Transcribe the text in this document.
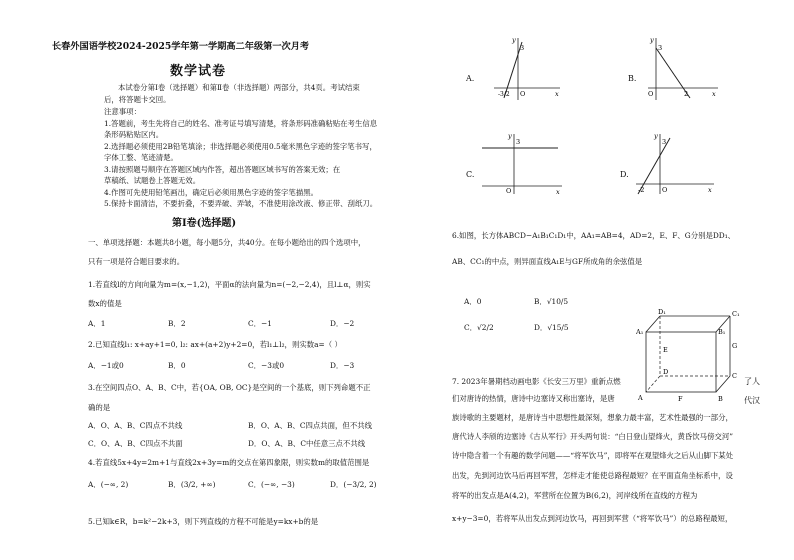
长春外国语学校2024-2025学年第一学期高二年级第一次月考
数学试卷
本试卷分第Ⅰ卷（选择题）和第Ⅱ卷（非选择题）两部分，共4页。考试结束
后，将答题卡交回。
注意事项：
1.答题前，考生先将自己的姓名、准考证号填写清楚，将条形码准确粘贴在考生信息
条形码粘贴区内。
2.选择题必须使用2B铅笔填涂；非选择题必须使用0.5毫米黑色字迹的签字笔书写，
字体工整、笔迹清楚。
3.请按照题号顺序在答题区域内作答，超出答题区域书写的答案无效；在
草稿纸、试题卷上答题无效。
4.作图可先使用铅笔画出，确定后必须用黑色字迹的签字笔描黑。
5.保持卡面清洁，不要折叠，不要弄破、弄皱，不准使用涂改液、修正带、刮纸刀。
第Ⅰ卷(选择题)
一、单项选择题：本题共8小题，每小题5分，共40分。在每小题给出的四个选项中，
只有一项是符合题目要求的。
1.若直线l的方向向量为m=(x,−1,2)，平面α的法向量为n=(−2,−2,4)，且l⊥α，则实
数x的值是
A．1	B．2	C．−1	D．−2
2.已知直线l₁: x+ay+1=0, l₂: ax+(a+2)y+2=0，若l₁⊥l₂，则实数a=（ ）
A．−1或0	B．0	C．−3或0	D．−3
3.在空间四点O、A、B、C中，若{OA, OB, OC}是空间的一个基底，则下列命题不正
确的是
A．O、A、B、C四点不共线	B．O、A、B、C四点共面，但不共线
C．O、A、B、C四点不共面	D．O、A、B、C中任意三点不共线
4.若直线5x+4y=2m+1与直线2x+3y=m的交点在第四象限，则实数m的取值范围是
A．(−∞, 2)	B．(3/2, +∞)	C．(−∞, −3)	D．(−3/2, 2)
5.已知k∈R，b=k²−2k+3，则下列直线的方程不可能是y=kx+b的是
A.
3
-3/2 O	x
y
B.
3
O	2	x
y
C.
3
O	x
y
D.
3
-2	O	x
y
6.如图，长方体ABCD−A₁B₁C₁D₁中，AA₁=AB=4，AD=2，E、F、G分别是DD₁、
AB、CC₁的中点，则异面直线A₁E与GF所成角的余弦值是
A．0	B．√10/5
C．√2/2	D．√15/5
D₁	C₁
A₁	B₁
E	G
D	C
A	F	B
7. 2023年暑期档动画电影《长安三万里》重新点燃	了人
们对唐诗的热情，唐诗中边塞诗又称出塞诗，是唐	代汉
族诗歌的主要题材，是唐诗当中思想性最深刻，想象力最丰富，艺术性最强的一部分，
唐代诗人李颀的边塞诗《古从军行》开头两句说：“白日登山望烽火，黄昏饮马傍交河”
诗中隐含着一个有趣的数学问题——“将军饮马”，即将军在观望烽火之后从山脚下某处
出发，先到河边饮马后再回军营，怎样走才能使总路程最短？在平面直角坐标系中，设
将军的出发点是A(4,2)，军营所在位置为B(6,2)，河岸线所在直线的方程为
x+y−3=0，若将军从出发点到河边饮马，再回到军营（“将军饮马”）的总路程最短，
